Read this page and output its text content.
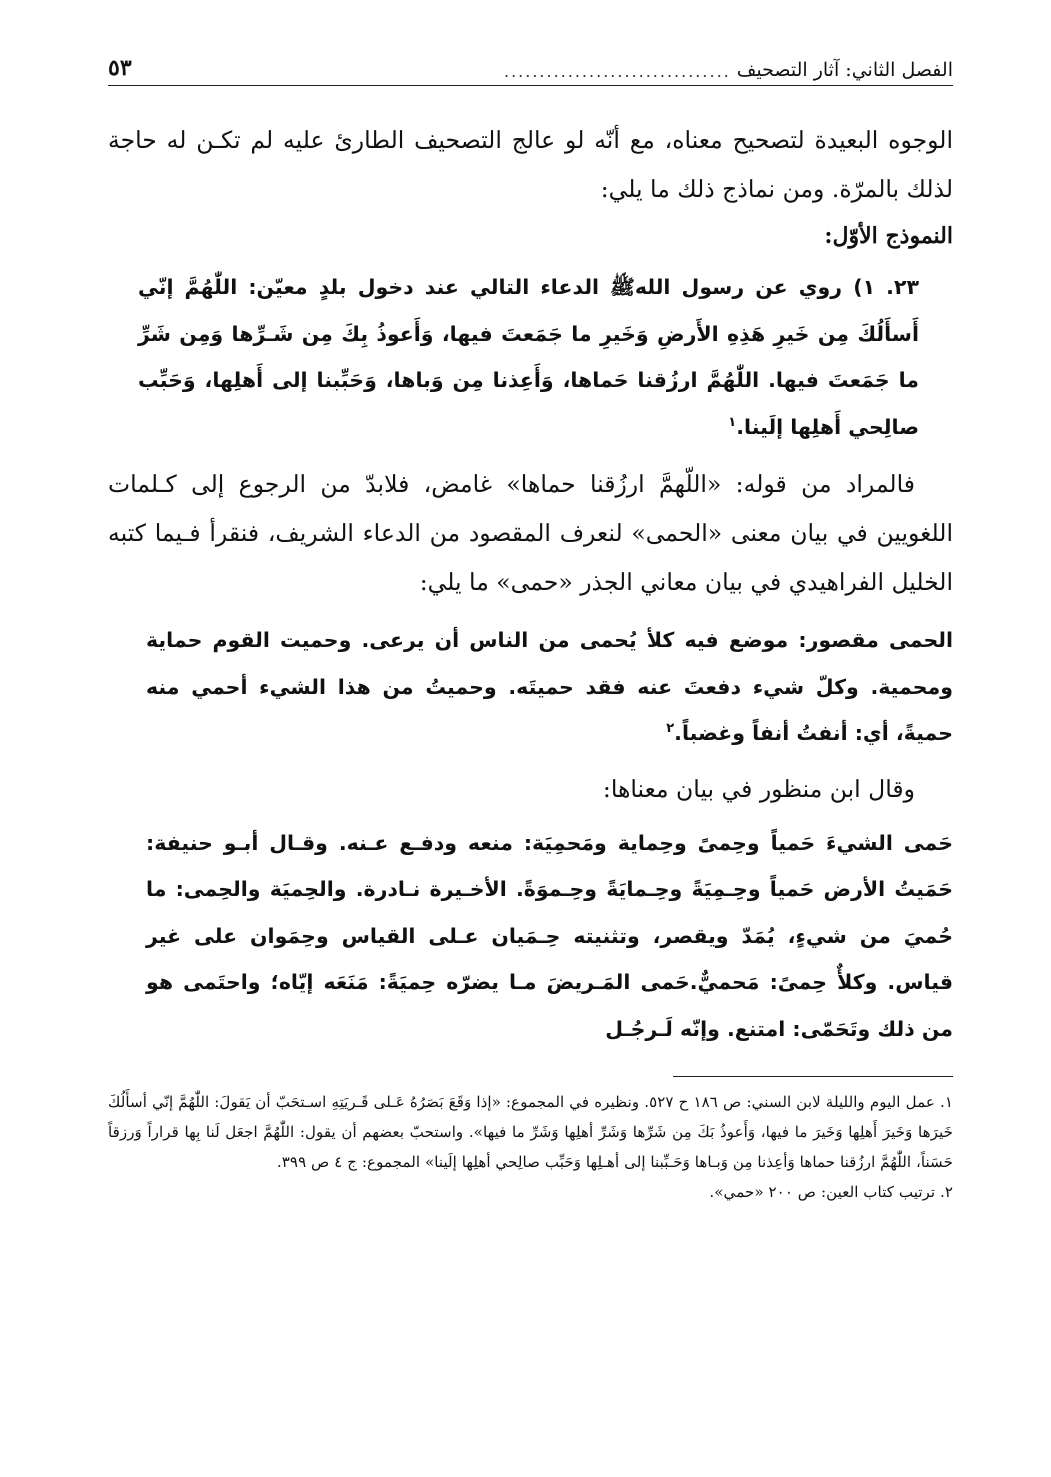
الفصل الثاني: آثار التصحيف
................................
٥٣

الوجوه البعيدة لتصحيح معناه، مع أنّه لو عالج التصحيف الطارئ عليه لم تكـن له حاجة لذلك بالمرّة. ومن نماذج ذلك ما يلي:

النموذج الأوّل:

٢٣. ١) روي عن رسول اللهﷺ الدعاء التالي عند دخول بلدٍ معيّن: اللّٰهُمَّ إنّي أَسأَلُكَ مِن خَيرِ هَذِهِ الأَرضِ وَخَيرِ ما جَمَعتَ فيها، وَأَعوذُ بِكَ مِن شَـرِّها وَمِن شَرِّ ما جَمَعتَ فيها. اللّٰهُمَّ ارزُقنا حَماها، وَأَعِذنا مِن وَباها، وَحَبِّبنا إلى أَهلِها، وَحَبِّب صالِحي أَهلِها إلَينا.$^١$

فالمراد من قوله: «اللّهمَّ ارزُقنا حماها» غامض، فلابدّ من الرجوع إلى كـلمات اللغويين في بيان معنى «الحمى» لنعرف المقصود من الدعاء الشريف، فنقرأ فـيما كتبه الخليل الفراهيدي في بيان معاني الجذر «حمى» ما يلي:

الحمى مقصور: موضع فيه كلأ يُحمى من الناس أن يرعى. وحميت القوم حماية ومحمية. وكلّ شيء دفعتَ عنه فقد حميتَه. وحميتُ من هذا الشيء أحمي منه حميةً، أي: أنفتُ أنفاً وغضباً.$^٢$

وقال ابن منظور في بيان معناها:

حَمى الشيءَ حَمياً وحِمىً وحِماية ومَحمِيَة: منعه ودفـع عـنه. وقـال أبـو حنيفة: حَمَيتُ الأرض حَمياً وحِـمِيَةً وحِـمايَةً وحِـموَةً. الأخـيرة نـادرة. والحِميَة والحِمى: ما حُميَ من شيءٍ، يُمَدّ ويقصر، وتثنيته حِـمَيان عـلى القياس وحِمَوان على غير قياس. وكلأٌ حِمىً: مَحميٌّ.حَمى المَـريضَ مـا يضرّه حِميَةً: مَنَعَه إيّاه؛ واحتَمى هو من ذلك وتَحَمّى: امتنع. وإنّه لَـرجُـل

١. عمل اليوم والليلة لابن السني: ص ١٨٦ ح ٥٢٧. ونظيره في المجموع: «إذا وَقَعَ بَصَرُهُ عَـلى قَـريَتِهِ اسـتحَبّ أن يَقولَ: اللّٰهُمَّ إنّي أسأَلُكَ خَيرَها وَخَيرَ أَهلِها وَخَيرَ ما فيها، وَأَعوذُ بَكَ مِن شَرِّها وَشَرِّ أهلِها وَشَرِّ ما فيها». واستحبّ بعضهم أن يقول: اللّٰهُمَّ اجعَل لَنا بِها قراراً وَرزقاً حَسَناً، اللّٰهُمَّ ارزُقنا حماها وَأعِذنا مِن وَبـاها وَحَـبِّبنا إلى أهـلِها وَحَبِّب صالِحي أهلِها إلَينا» المجموع: ج ٤ ص ٣٩٩.

٢. ترتيب كتاب العين: ص ٢٠٠ «حمي».
